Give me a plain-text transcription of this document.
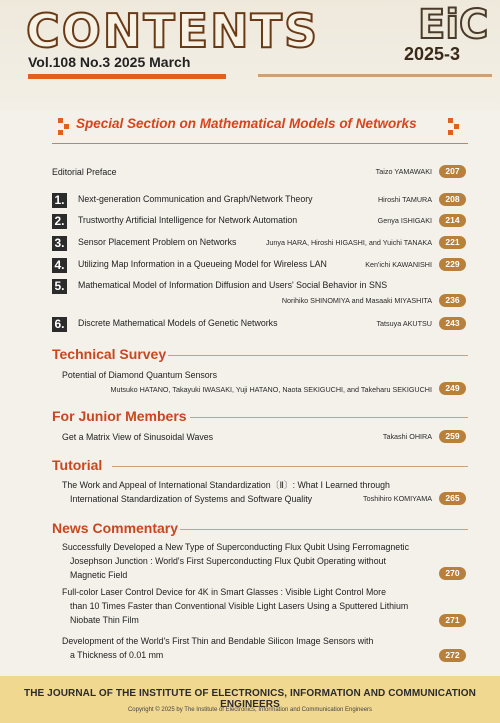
CONTENTS
Vol.108 No.3 2025 March
EiC
2025-3
Special Section on Mathematical Models of Networks
Editorial Preface	Taizo YAMAWAKI	207
1. Next-generation Communication and Graph/Network Theory	Hiroshi TAMURA	208
2. Trustworthy Artificial Intelligence for Network Automation	Genya ISHIGAKI	214
3. Sensor Placement Problem on Networks	Junya HARA, Hiroshi HIGASHI, and Yuichi TANAKA	221
4. Utilizing Map Information in a Queueing Model for Wireless LAN	Ken'ichi KAWANISHI	229
5. Mathematical Model of Information Diffusion and Users' Social Behavior in SNS
Norihiko SHINOMIYA and Masaaki MIYASHITA	236
6. Discrete Mathematical Models of Genetic Networks	Tatsuya AKUTSU	243
Technical Survey
Potential of Diamond Quantum Sensors
Mutsuko HATANO, Takayuki IWASAKI, Yuji HATANO, Naota SEKIGUCHI, and Takeharu SEKIGUCHI	249
For Junior Members
Get a Matrix View of Sinusoidal Waves	Takashi OHIRA	259
Tutorial
The Work and Appeal of International Standardization〔Ⅱ〕: What I Learned through
International Standardization of Systems and Software Quality	Toshihiro KOMIYAMA	265
News Commentary
Successfully Developed a New Type of Superconducting Flux Qubit Using Ferromagnetic
Josephson Junction : World's First Superconducting Flux Qubit Operating without
Magnetic Field	270
Full-color Laser Control Device for 4K in Smart Glasses : Visible Light Control More
than 10 Times Faster than Conventional Visible Light Lasers Using a Sputtered Lithium
Niobate Thin Film	271
Development of the World's First Thin and Bendable Silicon Image Sensors with
a Thickness of 0.01 mm	272
THE JOURNAL OF THE INSTITUTE OF ELECTRONICS, INFORMATION AND COMMUNICATION ENGINEERS
Copyright © 2025 by The Institute of Electronics, Information and Communication Engineers
